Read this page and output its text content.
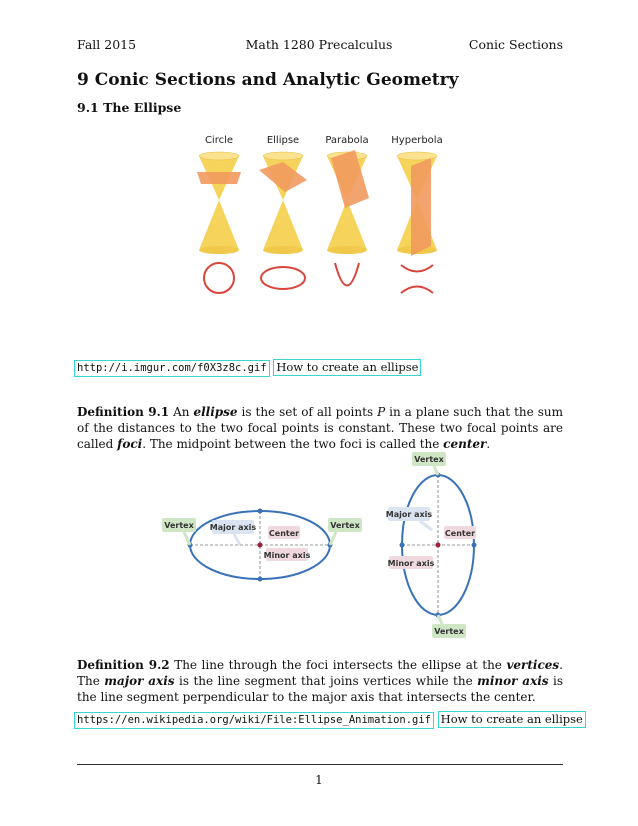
Fall 2015	Math 1280 Precalculus	Conic Sections
9 Conic Sections and Analytic Geometry
9.1 The Ellipse
Circle	Ellipse	Parabola Hyperbola
http://i.imgur.com/f0X3z8c.gif How to create an ellipse
Definition 9.1 An ellipse is the set of all points P in a plane such that the sum of the distances to the two focal points is constant. These two focal points are called foci. The midpoint between the two foci is called the center.
Vertex	Vertex
Major axis
Center
Minor axis
Vertex
Vertex
Major axis
Center
Minor axis
Definition 9.2 The line through the foci intersects the ellipse at the vertices. The major axis is the line segment that joins vertices while the minor axis is the line segment perpendicular to the major axis that intersects the center.
https://en.wikipedia.org/wiki/File:Ellipse_Animation.gif How to create an ellipse
1
